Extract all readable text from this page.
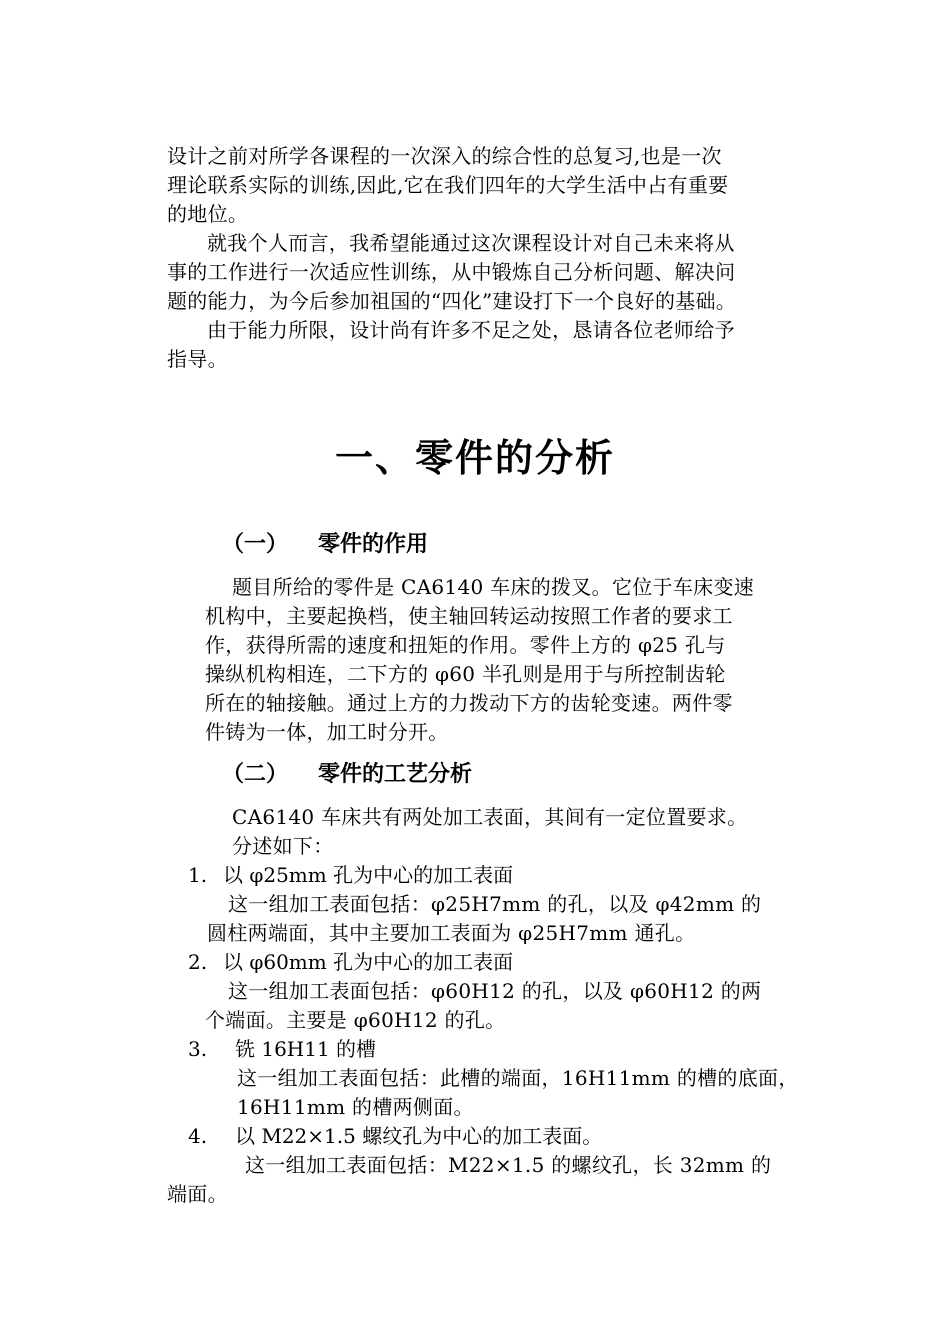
设计之前对所学各课程的一次深入的综合性的总复习,也是一次
理论联系实际的训练,因此,它在我们四年的大学生活中占有重要
的地位。
就我个人而言，我希望能通过这次课程设计对自己未来将从
事的工作进行一次适应性训练，从中锻炼自己分析问题、解决问
题的能力，为今后参加祖国的“四化”建设打下一个良好的基础。
由于能力所限，设计尚有许多不足之处，恳请各位老师给予
指导。
一、零件的分析
（一） 零件的作用
题目所给的零件是 CA6140 车床的拨叉。它位于车床变速
机构中，主要起换档，使主轴回转运动按照工作者的要求工
作，获得所需的速度和扭矩的作用。零件上方的 φ25 孔与
操纵机构相连，二下方的 φ60 半孔则是用于与所控制齿轮
所在的轴接触。通过上方的力拨动下方的齿轮变速。两件零
件铸为一体，加工时分开。
（二） 零件的工艺分析
CA6140 车床共有两处加工表面，其间有一定位置要求。
分述如下：
1. 以 φ25mm 孔为中心的加工表面
这一组加工表面包括：φ25H7mm 的孔，以及 φ42mm 的
圆柱两端面，其中主要加工表面为 φ25H7mm 通孔。
2. 以 φ60mm 孔为中心的加工表面
这一组加工表面包括：φ60H12 的孔，以及 φ60H12 的两
个端面。主要是 φ60H12 的孔。
3. 铣 16H11 的槽
这一组加工表面包括：此槽的端面，16H11mm 的槽的底面，
16H11mm 的槽两侧面。
4. 以 M22×1.5 螺纹孔为中心的加工表面。
这一组加工表面包括：M22×1.5 的螺纹孔，长 32mm 的
端面。
